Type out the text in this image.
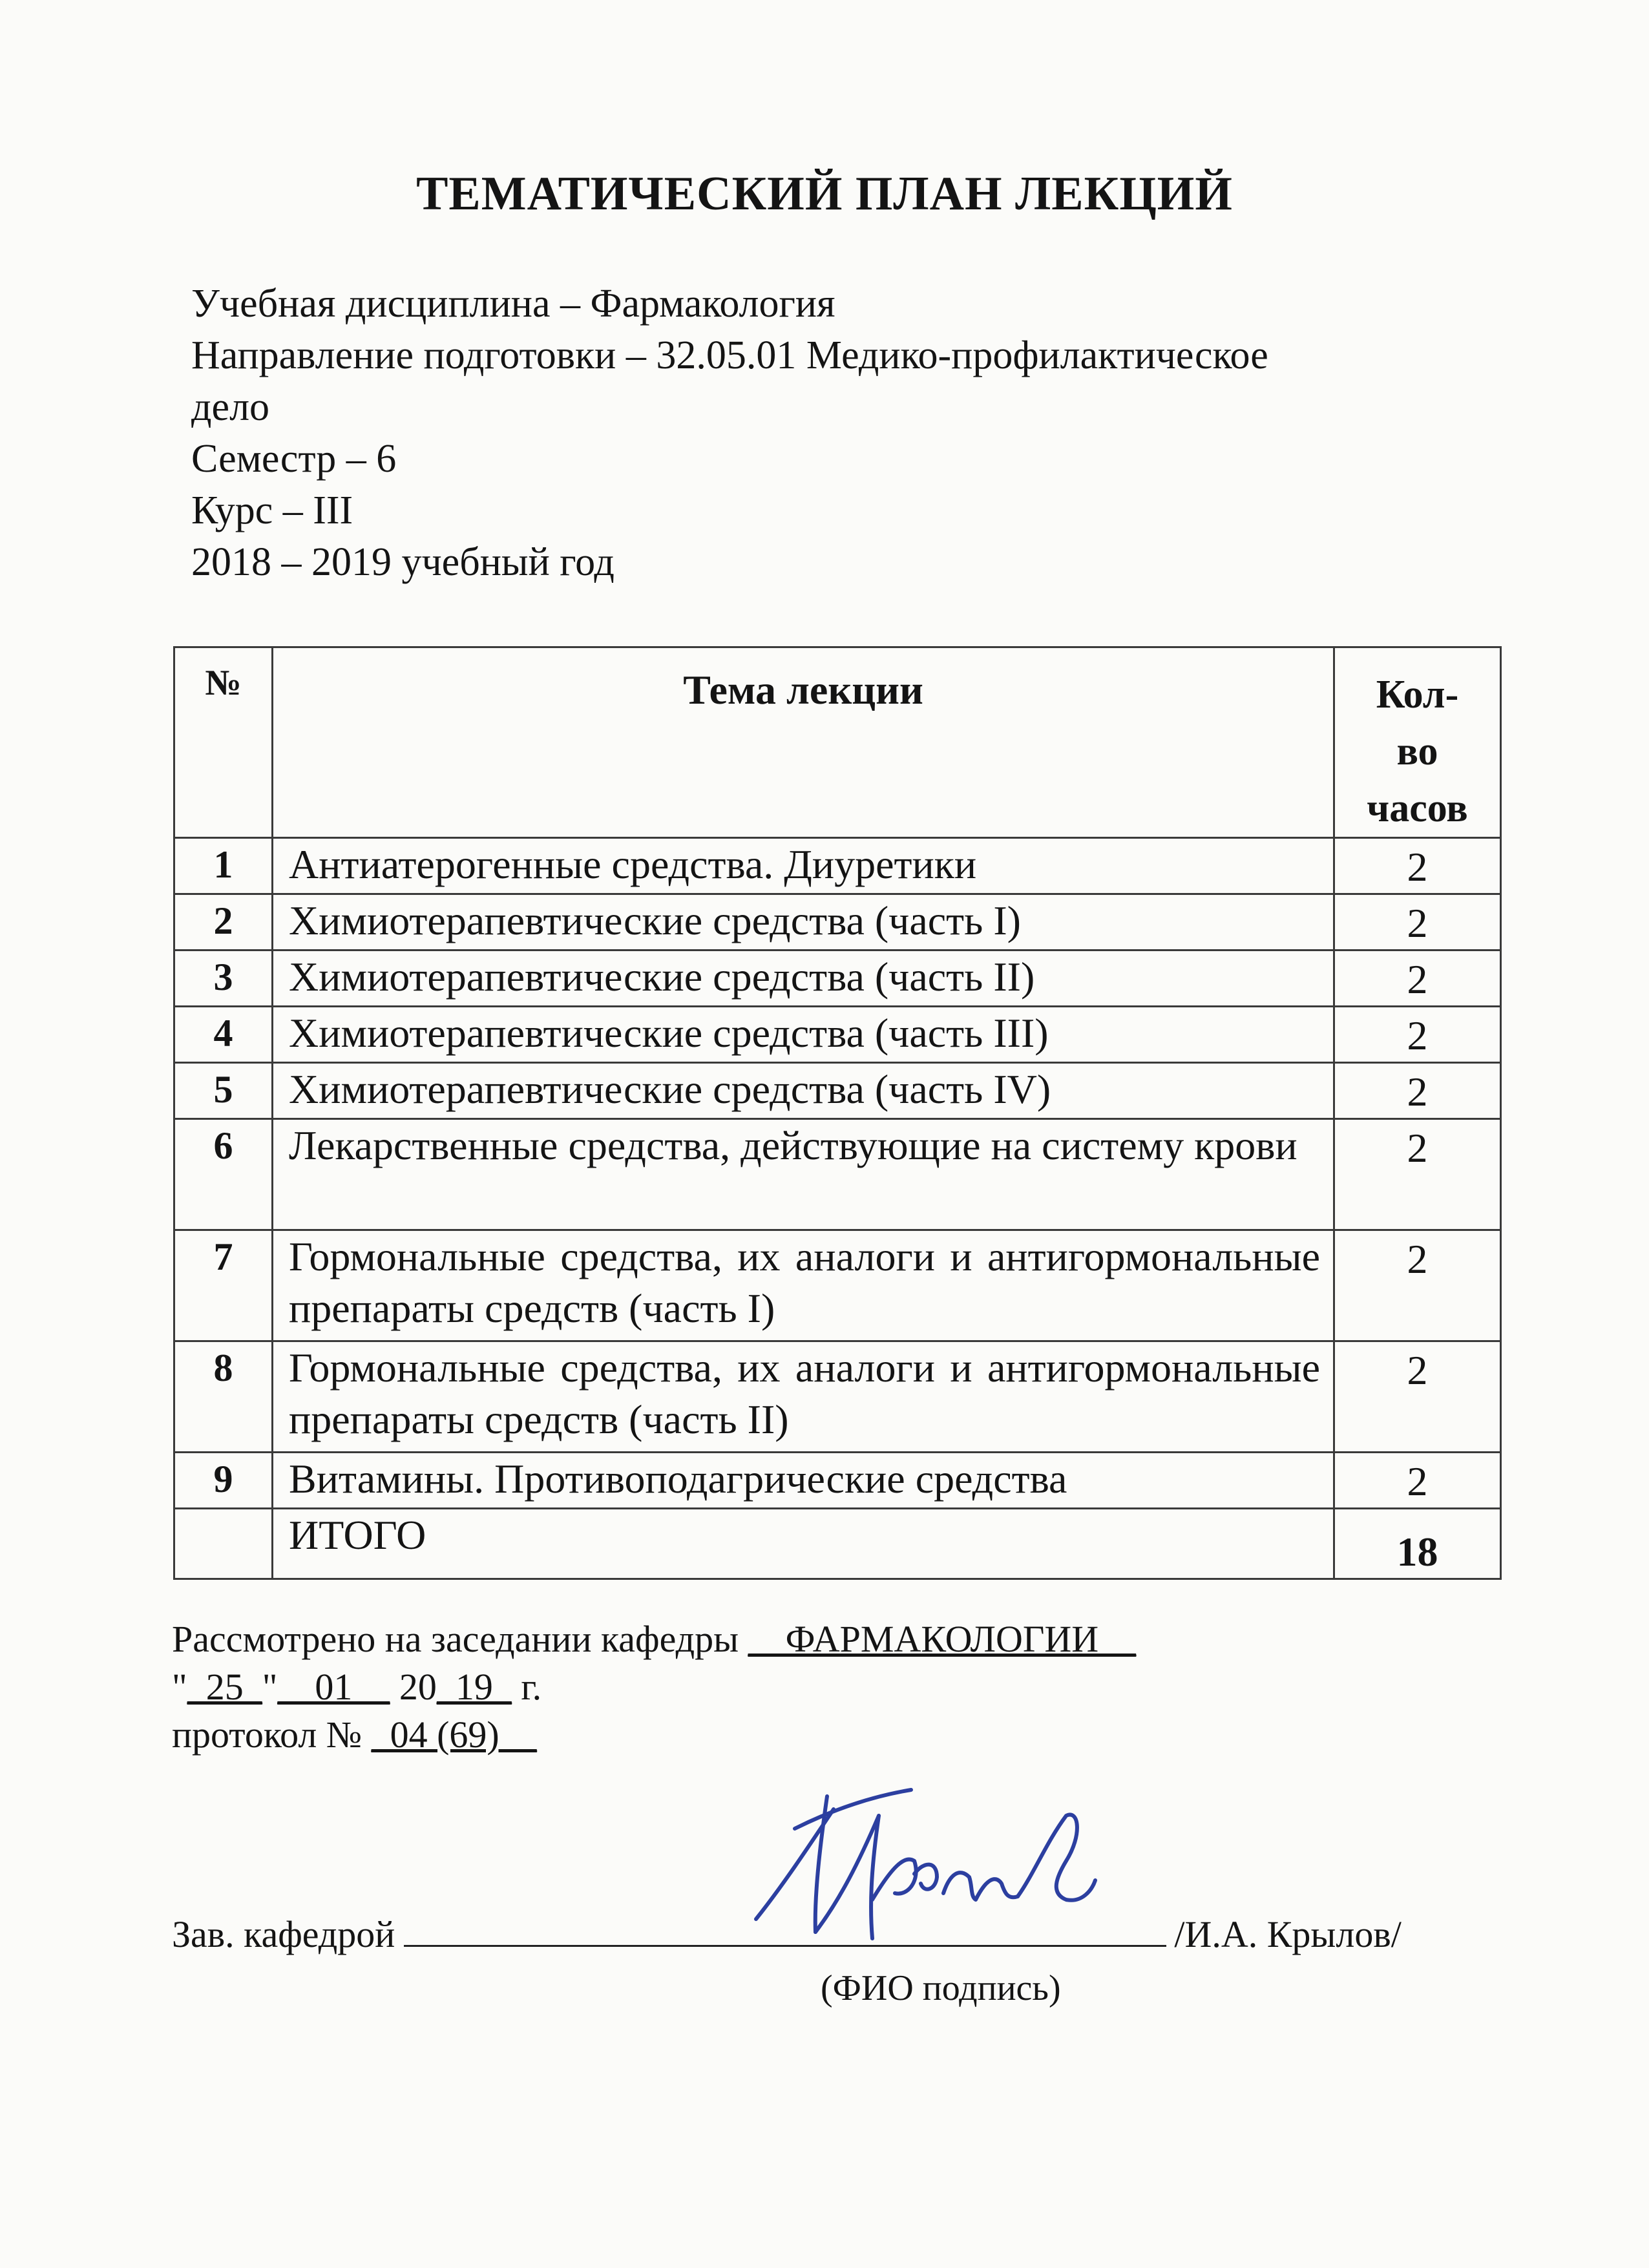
ТЕМАТИЧЕСКИЙ ПЛАН ЛЕКЦИЙ
Учебная дисциплина – Фармакология
Направление подготовки – 32.05.01 Медико-профилактическое
дело
Семестр – 6
Курс – III
2018 – 2019 учебный год
№	Тема лекции	Кол-
во
часов

1	Антиатерогенные средства. Диуретики	2
2	Химиотерапевтические средства (часть I)	2
3	Химиотерапевтические средства (часть II)	2
4	Химиотерапевтические средства (часть III)	2
5	Химиотерапевтические средства (часть IV)	2
6	Лекарственные средства, действующие на систему крови	2
7	Гормональные средства, их аналоги и антигормональные препараты средств (часть I)	2
8	Гормональные средства, их аналоги и антигормональные препараты средств (часть II)	2
9	Витамины. Противоподагрические средства	2
	ИТОГО	18
Рассмотрено на заседании кафедры __ФАРМАКОЛОГИИ__
"_25_"__01__ 20_19_ г.
протокол № _04 (69)__
Зав. кафедрой	/И.А. Крылов/
(ФИО подпись)
